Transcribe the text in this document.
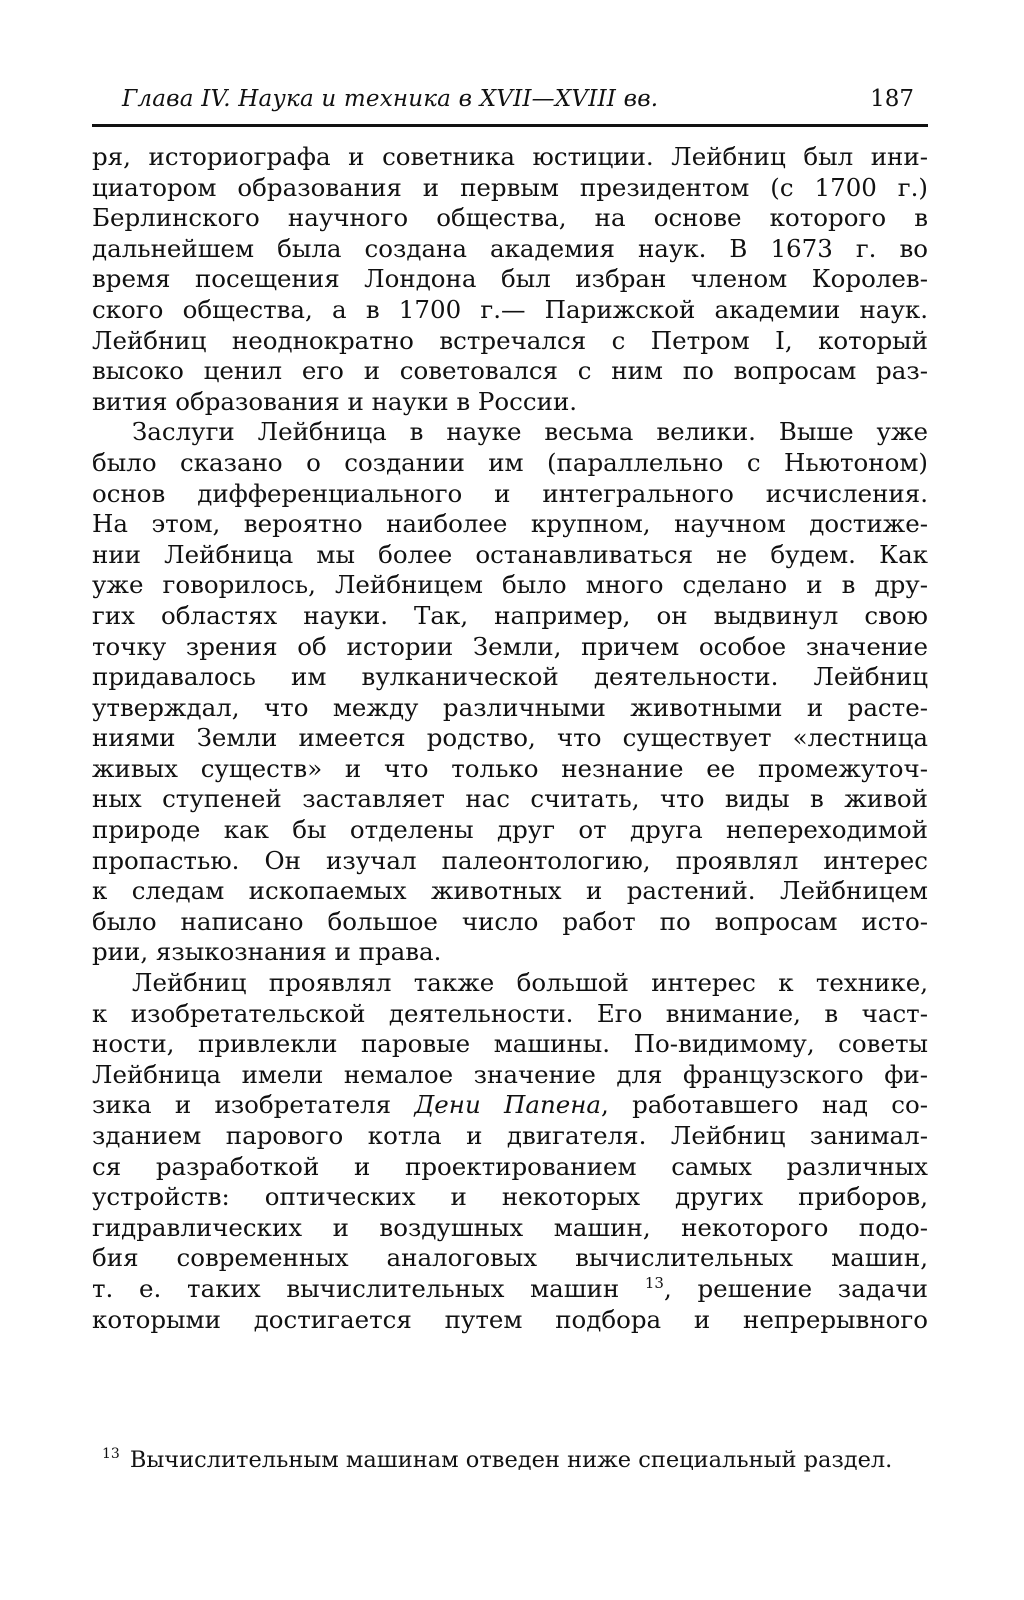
Глава IV. Наука и техника в XVII—XVIII вв.	187
ря, историографа и советника юстиции. Лейбниц был ини-
циатором образования и первым президентом (с 1700 г.)
Берлинского научного общества, на основе которого в
дальнейшем была создана академия наук. В 1673 г. во
время посещения Лондона был избран членом Королев-
ского общества, а в 1700 г.— Парижской академии наук.
Лейбниц неоднократно встречался с Петром I, который
высоко ценил его и советовался с ним по вопросам раз-
вития образования и науки в России.
Заслуги Лейбница в науке весьма велики. Выше уже
было сказано о создании им (параллельно с Ньютоном)
основ дифференциального и интегрального исчисления.
На этом, вероятно наиболее крупном, научном достиже-
нии Лейбница мы более останавливаться не будем. Как
уже говорилось, Лейбницем было много сделано и в дру-
гих областях науки. Так, например, он выдвинул свою
точку зрения об истории Земли, причем особое значение
придавалось им вулканической деятельности. Лейбниц
утверждал, что между различными животными и расте-
ниями Земли имеется родство, что существует «лестница
живых существ» и что только незнание ее промежуточ-
ных ступеней заставляет нас считать, что виды в живой
природе как бы отделены друг от друга непереходимой
пропастью. Он изучал палеонтологию, проявлял интерес
к следам ископаемых животных и растений. Лейбницем
было написано большое число работ по вопросам исто-
рии, языкознания и права.
Лейбниц проявлял также большой интерес к технике,
к изобретательской деятельности. Его внимание, в част-
ности, привлекли паровые машины. По-видимому, советы
Лейбница имели немалое значение для французского фи-
зика и изобретателя Дени Папена, работавшего над со-
зданием парового котла и двигателя. Лейбниц занимал-
ся разработкой и проектированием самых различных
устройств: оптических и некоторых других приборов,
гидравлических и воздушных машин, некоторого подо-
бия современных аналоговых вычислительных машин,
т. е. таких вычислительных машин $^{13}$, решение задачи
которыми достигается путем подбора и непрерывного
$^{13}$ Вычислительным машинам отведен ниже специальный раздел.
